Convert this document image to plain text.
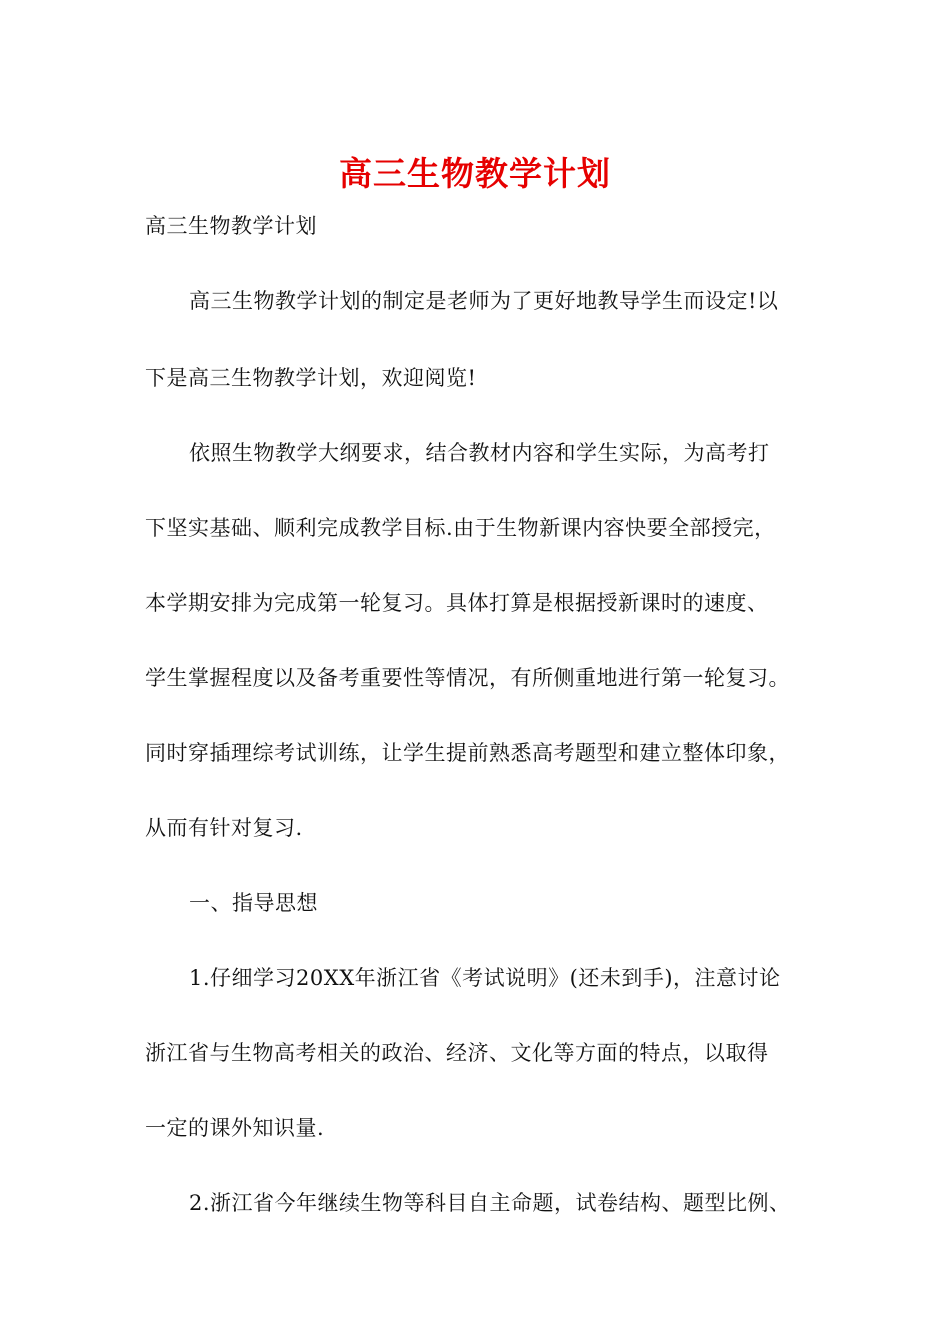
高三生物教学计划
高三生物教学计划
高三生物教学计划的制定是老师为了更好地教导学生而设定!以
下是高三生物教学计划，欢迎阅览!
依照生物教学大纲要求，结合教材内容和学生实际，为高考打
下坚实基础、顺利完成教学目标.由于生物新课内容快要全部授完，
本学期安排为完成第一轮复习。具体打算是根据授新课时的速度、
学生掌握程度以及备考重要性等情况，有所侧重地进行第一轮复习。
同时穿插理综考试训练，让学生提前熟悉高考题型和建立整体印象，
从而有针对复习.
一、指导思想
1.仔细学习20XX年浙江省《考试说明》(还未到手)，注意讨论
浙江省与生物高考相关的政治、经济、文化等方面的特点，以取得
一定的课外知识量.
2.浙江省今年继续生物等科目自主命题，试卷结构、题型比例、
